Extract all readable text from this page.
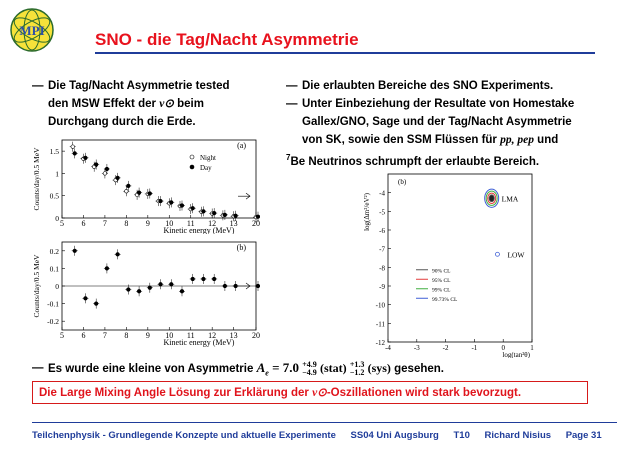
MPI	SNO - die Tag/Nacht Asymmetrie
— Die Tag/Nacht Asymmetrie tested
den MSW Effekt der ν⊙ beim
Durchgang durch die Erde.
— Die erlaubten Bereiche des SNO Experiments.
— Unter Einbeziehung der Resultate von Homestake
Gallex/GNO, Sage und der Tag/Nacht Asymmetrie
von SK, sowie den SSM Flüssen für pp, pep und
$^7$Be Neutrinos schrumpft der erlaubte Bereich.
5 6 7 8 9 10 11 12 13 20
0
0.5
1
1.5
(a)
Kinetic energy (MeV)
Counts/day/0.5 MeV	Night
Day
5 6 7 8 9 10 11 12 13 20
-0.2
-0.1
0
0.1
0.2	(b)
Kinetic energy (MeV)
Counts/day/0.5 MeV
-4	-3	-2	-1	0	1
-4
-5
-6
-7
-8
-9
-10
-11
-12
log(tan²θ)
log(Δm²/eV²)
(b)
LMA
LOW
90% CL
95% CL
99% CL
99.73% CL
— Es wurde eine kleine von Asymmetrie $A_e = 7.0 +4.9$
−4.9 (stat) +1.3
−1.2 (sys) gesehen.
Die Large Mixing Angle Lösung zur Erklärung der ν⊙-Oszillationen wird stark bevorzugt.
Teilchenphysik - Grundlegende Konzepte und aktuelle Experimente SS04 Uni Augsburg T10 Richard Nisius Page 31
